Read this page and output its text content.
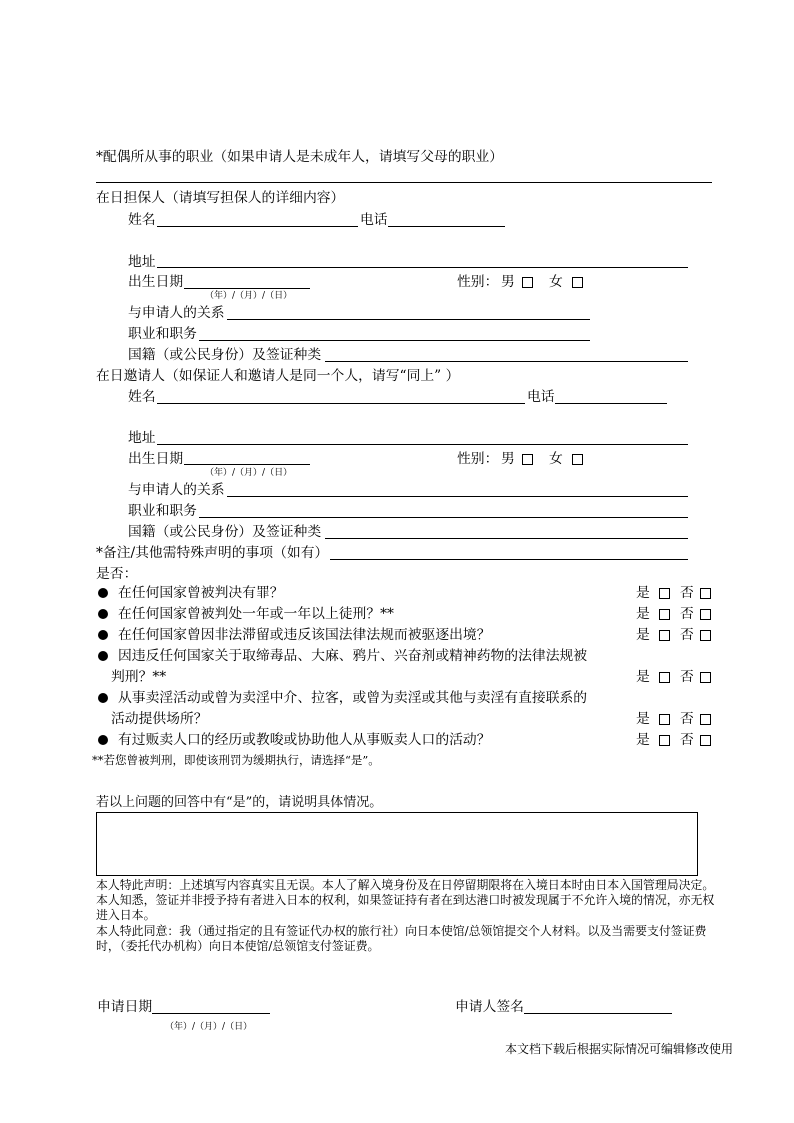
*配偶所从事的职业（如果申请人是未成年人，请填写父母的职业）
在日担保人（请填写担保人的详细内容）
姓名	电话
地址
出生日期	性别： 男 女
（年）/（月）/（日）
与申请人的关系
职业和职务
国籍（或公民身份）及签证种类
在日邀请人（如保证人和邀请人是同一个人，请写“同上” ）
姓名	电话
地址
出生日期	性别： 男 女
（年）/（月）/（日）
与申请人的关系
职业和职务
国籍（或公民身份）及签证种类
*备注/其他需特殊声明的事项（如有）
是否：
在任何国家曾被判决有罪？	是 否
在任何国家曾被判处一年或一年以上徒刑？**	是 否
在任何国家曾因非法滞留或违反该国法律法规而被驱逐出境？	是 否
因违反任何国家关于取缔毒品、大麻、鸦片、兴奋剂或精神药物的法律法规被
判刑？**	是 否
从事卖淫活动或曾为卖淫中介、拉客，或曾为卖淫或其他与卖淫有直接联系的
活动提供场所？	是 否
有过贩卖人口的经历或教唆或协助他人从事贩卖人口的活动？	是 否
**若您曾被判刑，即使该刑罚为缓期执行，请选择“是”。
若以上问题的回答中有“是”的，请说明具体情况。
本人特此声明：上述填写内容真实且无误。本人了解入境身份及在日停留期限将在入境日本时由日本入国管理局决定。
本人知悉，签证并非授予持有者进入日本的权利，如果签证持有者在到达港口时被发现属于不允许入境的情况，亦无权
进入日本。
本人特此同意：我（通过指定的且有签证代办权的旅行社）向日本使馆/总领馆提交个人材料。以及当需要支付签证费
时，（委托代办机构）向日本使馆/总领馆支付签证费。
申请日期
（年）/（月）/（日）
申请人签名
本文档下载后根据实际情况可编辑修改使用
